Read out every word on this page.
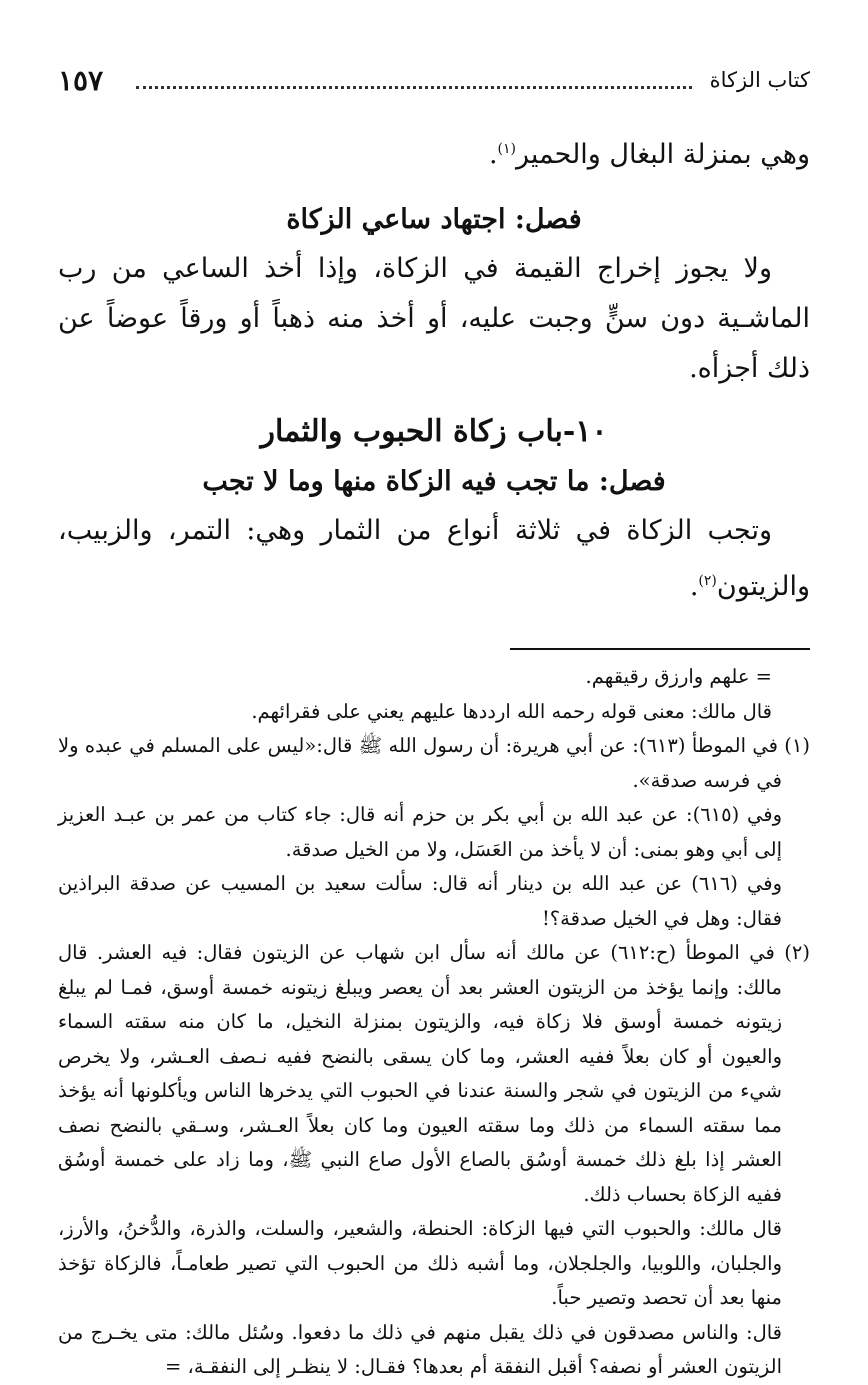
كتاب الزكاة
١٥٧

وهي بمنزلة البغال والحمير$^{(١)}$.

فصل: اجتهاد ساعي الزكاة

ولا يجوز إخراج القيمة في الزكاة، وإذا أخذ الساعي من رب الماشـية دون سنٍّ وجبت عليه، أو أخذ منه ذهباً أو ورقاً عوضاً عن ذلك أجزأه.

١٠-باب زكاة الحبوب والثمار
فصل: ما تجب فيه الزكاة منها وما لا تجب

وتجب الزكاة في ثلاثة أنواع من الثمار وهي: التمر، والزبيب، والزيتون$^{(٢)}$.

= علهم وارزق رقيقهم.

قال مالك: معنى قوله رحمه الله ارددها عليهم يعني على فقرائهم.

(١) في الموطأ (٦١٣): عن أبي هريرة: أن رسول الله ﷺ قال:«ليس على المسلم في عبده ولا في فرسه صدقة».

وفي (٦١٥): عن عبد الله بن أبي بكر بن حزم أنه قال: جاء كتاب من عمر بن عبـد العزيز إلى أبي وهو بمنى: أن لا يأخذ من العَسَل، ولا من الخيل صدقة.

وفي (٦١٦) عن عبد الله بن دينار أنه قال: سألت سعيد بن المسيب عن صدقة البراذين فقال: وهل في الخيل صدقة؟!

(٢) في الموطأ (ح:٦١٢) عن مالك أنه سأل ابن شهاب عن الزيتون فقال: فيه العشر. قال مالك: وإنما يؤخذ من الزيتون العشر بعد أن يعصر ويبلغ زيتونه خمسة أوسق، فمـا لم يبلغ زيتونه خمسة أوسق فلا زكاة فيه، والزيتون بمنزلة النخيل، ما كان منه سقته السماء والعيون أو كان بعلاً ففيه العشر، وما كان يسقى بالنضح ففيه نـصف العـشر، ولا يخرص شيء من الزيتون في شجر والسنة عندنا في الحبوب التي يدخرها الناس ويأكلونها أنه يؤخذ مما سقته السماء من ذلك وما سقته العيون وما كان بعلاً العـشر، وسـقي بالنضح نصف العشر إذا بلغ ذلك خمسة أوسُق بالصاع الأول صاع النبي ﷺ، وما زاد على خمسة أوسُق ففيه الزكاة بحساب ذلك.

قال مالك: والحبوب التي فيها الزكاة: الحنطة، والشعير، والسلت، والذرة، والدُّخنُ، والأرز، والجلبان، واللوبيا، والجلجلان، وما أشبه ذلك من الحبوب التي تصير طعامـاً، فالزكاة تؤخذ منها بعد أن تحصد وتصير حباً.

قال: والناس مصدقون في ذلك يقبل منهم في ذلك ما دفعوا. وسُئل مالك: متى يخـرج من الزيتون العشر أو نصفه؟ أقبل النفقة أم بعدها؟ فقـال: لا ينظـر إلى النفقـة، =
